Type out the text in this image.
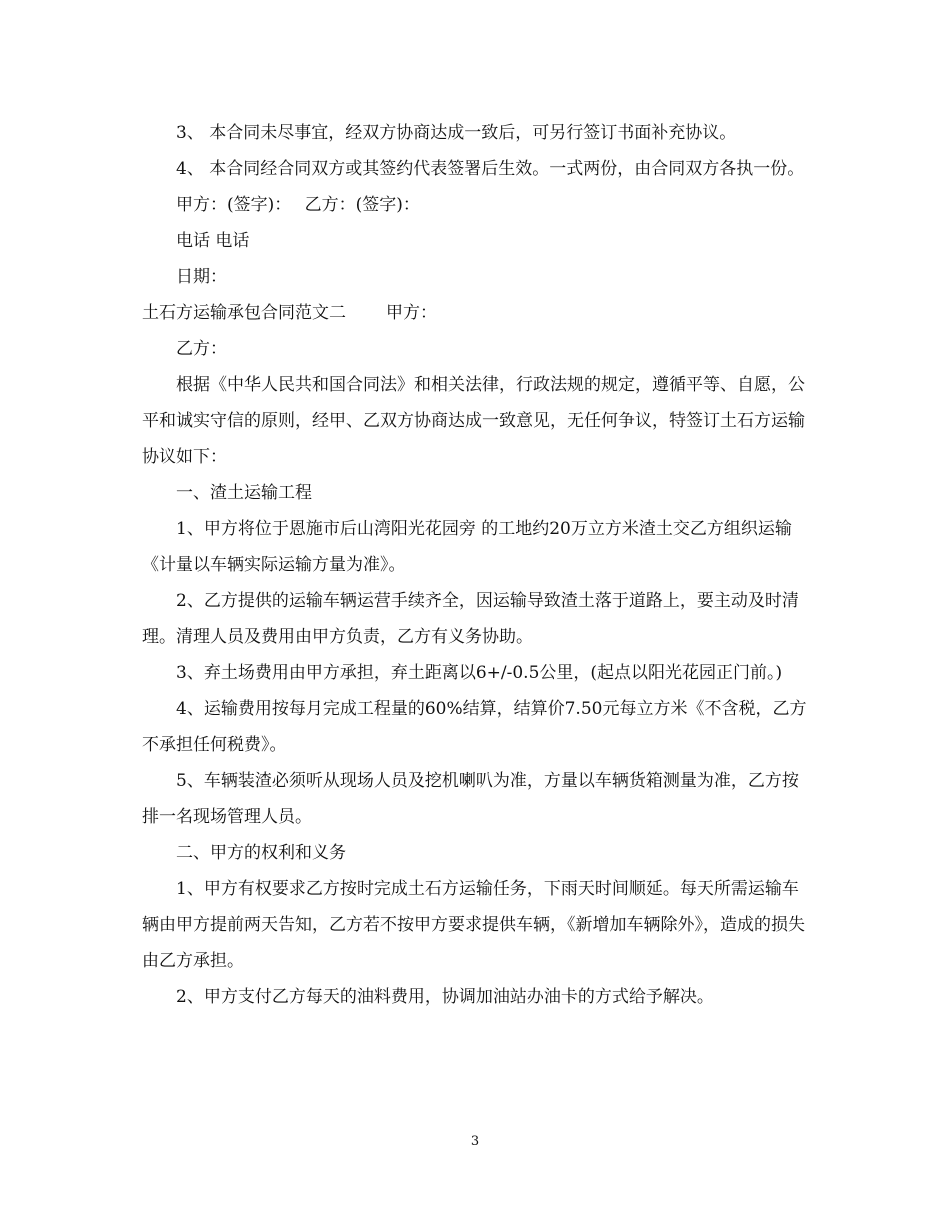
3、 本合同未尽事宜，经双方协商达成一致后，可另行签订书面补充协议。

4、 本合同经合同双方或其签约代表签署后生效。一式两份，由合同双方各执一份。

甲方：(签字)： 乙方：(签字)：

电话 电话

日期：

土石方运输承包合同范文二 甲方：

乙方：

根据《中华人民共和国合同法》和相关法律，行政法规的规定，遵循平等、自愿，公平和诚实守信的原则，经甲、乙双方协商达成一致意见，无任何争议，特签订土石方运输协议如下：

一、渣土运输工程

1、甲方将位于恩施市后山湾阳光花园旁 的工地约20万立方米渣土交乙方组织运输《计量以车辆实际运输方量为准》。

2、乙方提供的运输车辆运营手续齐全，因运输导致渣土落于道路上，要主动及时清理。清理人员及费用由甲方负责，乙方有义务协助。

3、弃土场费用由甲方承担，弃土距离以6+/-0.5公里，(起点以阳光花园正门前。)

4、运输费用按每月完成工程量的60%结算，结算价7.50元每立方米《不含税，乙方不承担任何税费》。

5、车辆装渣必须听从现场人员及挖机喇叭为准，方量以车辆货箱测量为准，乙方按排一名现场管理人员。

二、甲方的权利和义务

1、甲方有权要求乙方按时完成土石方运输任务，下雨天时间顺延。每天所需运输车辆由甲方提前两天告知，乙方若不按甲方要求提供车辆，《新增加车辆除外》，造成的损失由乙方承担。

2、甲方支付乙方每天的油料费用，协调加油站办油卡的方式给予解决。

3
